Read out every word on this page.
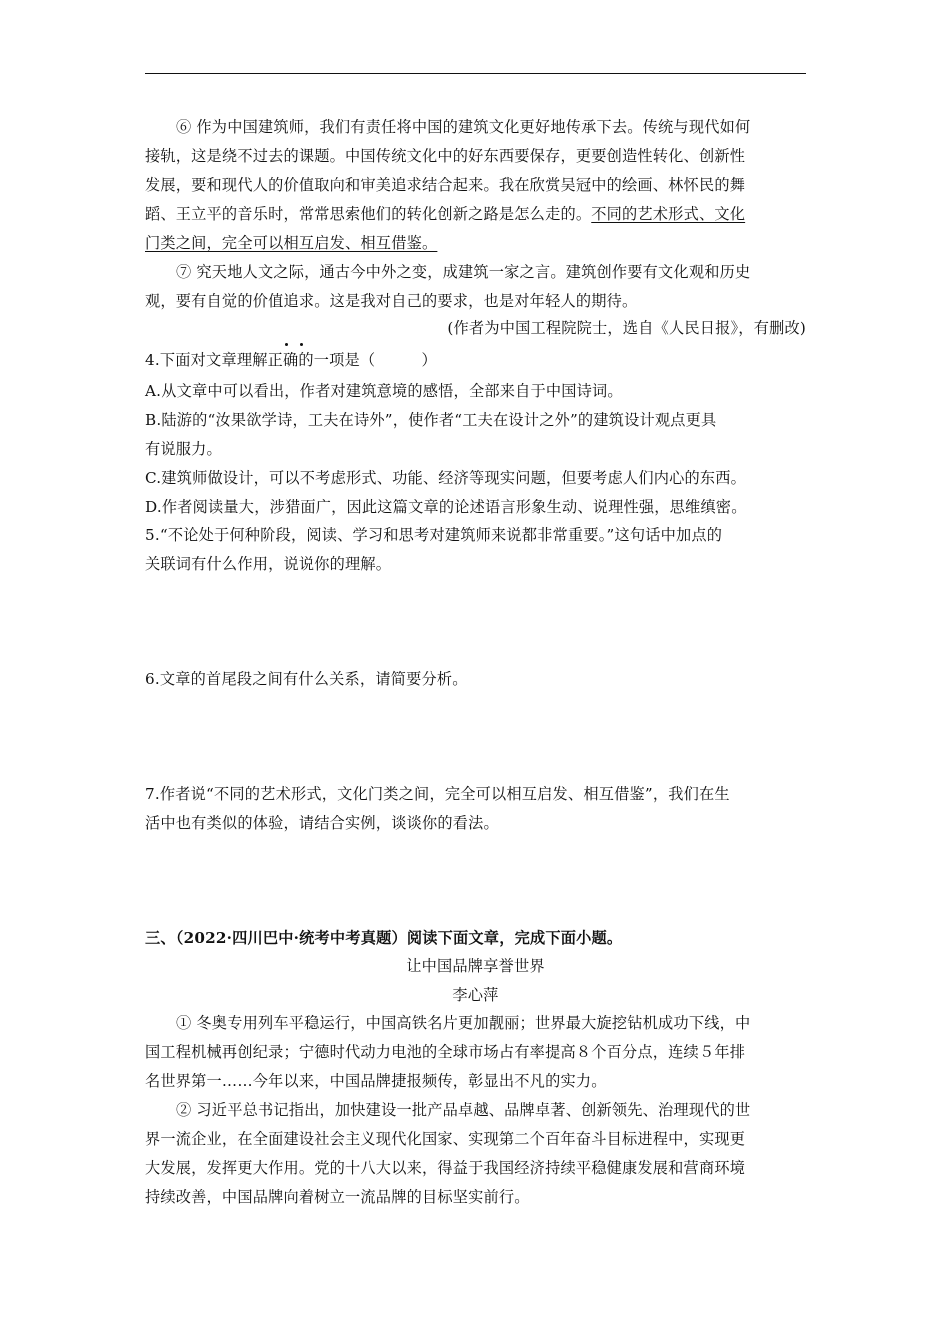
⑥ 作为中国建筑师，我们有责任将中国的建筑文化更好地传承下去。传统与现代如何
接轨，这是绕不过去的课题。中国传统文化中的好东西要保存，更要创造性转化、创新性
发展，要和现代人的价值取向和审美追求结合起来。我在欣赏吴冠中的绘画、林怀民的舞
蹈、王立平的音乐时，常常思索他们的转化创新之路是怎么走的。不同的艺术形式、文化
门类之间，完全可以相互启发、相互借鉴。
⑦ 究天地人文之际，通古今中外之变，成建筑一家之言。建筑创作要有文化观和历史
观，要有自觉的价值追求。这是我对自己的要求，也是对年轻人的期待。
(作者为中国工程院院士，选自《人民日报》，有删改)
4.下面对文章理解正确的一项是（　　　）
A.从文章中可以看出，作者对建筑意境的感悟，全部来自于中国诗词。
B.陆游的“汝果欲学诗，工夫在诗外”，使作者“工夫在设计之外”的建筑设计观点更具
有说服力。
C.建筑师做设计，可以不考虑形式、功能、经济等现实问题，但要考虑人们内心的东西。
D.作者阅读量大，涉猎面广，因此这篇文章的论述语言形象生动、说理性强，思维缜密。
5.“不论处于何种阶段，阅读、学习和思考对建筑师来说都非常重要。”这句话中加点的
关联词有什么作用，说说你的理解。
6.文章的首尾段之间有什么关系，请简要分析。
7.作者说“不同的艺术形式，文化门类之间，完全可以相互启发、相互借鉴”，我们在生
活中也有类似的体验，请结合实例，谈谈你的看法。
三、（2022·四川巴中·统考中考真题）阅读下面文章，完成下面小题。
让中国品牌享誉世界
李心萍
① 冬奥专用列车平稳运行，中国高铁名片更加靓丽；世界最大旋挖钻机成功下线，中
国工程机械再创纪录；宁德时代动力电池的全球市场占有率提高８个百分点，连续５年排
名世界第一……今年以来，中国品牌捷报频传，彰显出不凡的实力。
② 习近平总书记指出，加快建设一批产品卓越、品牌卓著、创新领先、治理现代的世
界一流企业，在全面建设社会主义现代化国家、实现第二个百年奋斗目标进程中，实现更
大发展，发挥更大作用。党的十八大以来，得益于我国经济持续平稳健康发展和营商环境
持续改善，中国品牌向着树立一流品牌的目标坚实前行。
